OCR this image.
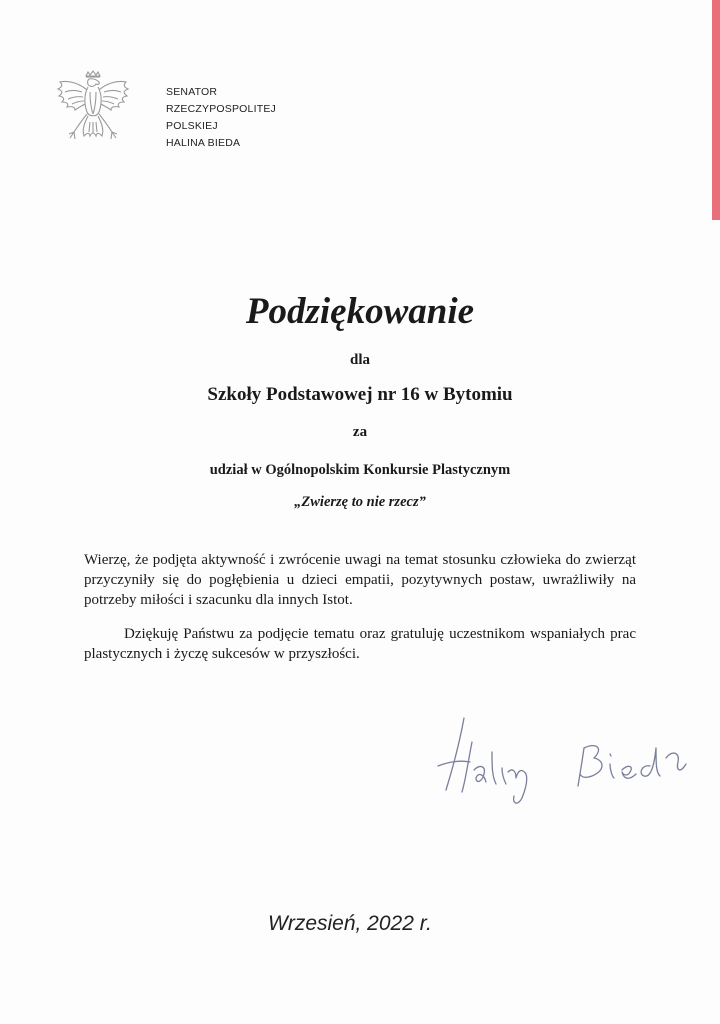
SENATOR
RZECZYPOSPOLITEJ
POLSKIEJ
HALINA BIEDA
Podziękowanie
dla
Szkoły Podstawowej nr 16 w Bytomiu
za
udział w Ogólnopolskim Konkursie Plastycznym
„Zwierzę to nie rzecz”
Wierzę, że podjęta aktywność i zwrócenie uwagi na temat stosunku człowieka do zwierząt przyczyniły się do pogłębienia u dzieci empatii, pozytywnych postaw, uwrażliwiły na potrzeby miłości i szacunku dla innych Istot.
Dziękuję Państwu za podjęcie tematu oraz gratuluję uczestnikom wspaniałych prac plastycznych i życzę sukcesów w przyszłości.
Wrzesień, 2022 r.
